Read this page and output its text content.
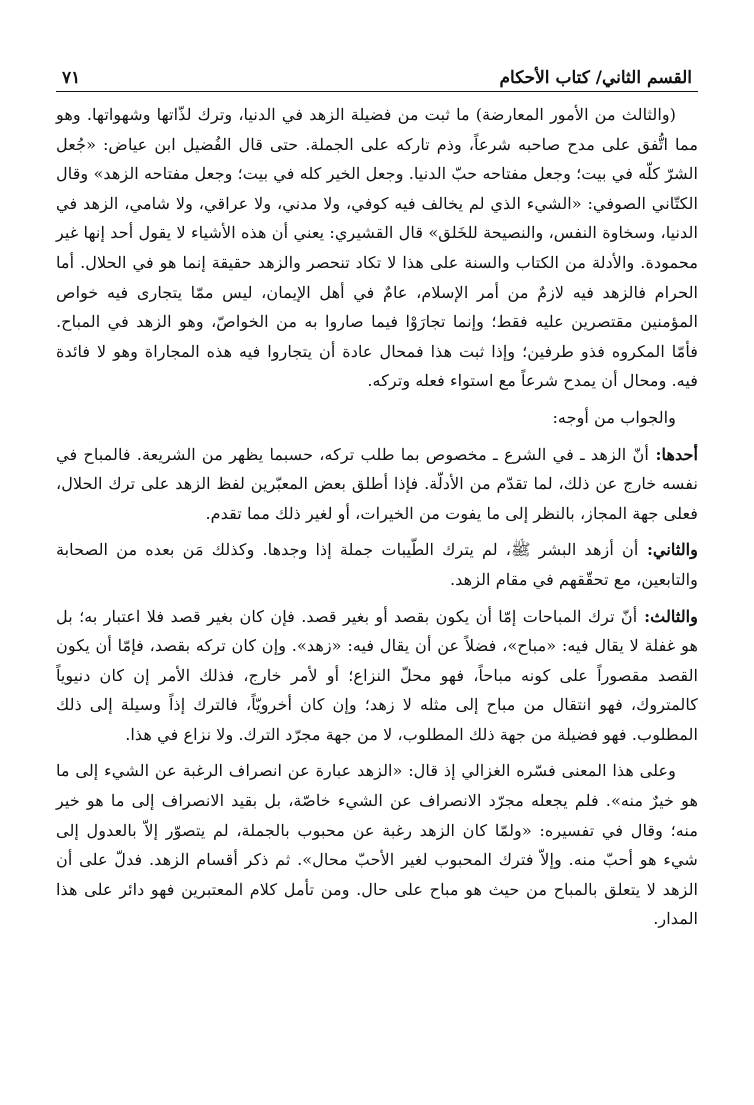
القسم الثاني/ كتاب الأحكام
٧١

(والثالث من الأمور المعارضة) ما ثبت من فضيلة الزهد في الدنيا، وترك لذّاتها وشهواتها. وهو مما اتُّفق على مدح صاحبه شرعاً، وذم تاركه على الجملة. حتى قال الفُضيل ابن عياض: «جُعل الشرّ كلّه في بيت؛ وجعل مفتاحه حبّ الدنيا. وجعل الخير كله في بيت؛ وجعل مفتاحه الزهد» وقال الكتّاني الصوفي: «الشيء الذي لم يخالف فيه كوفي، ولا مدني، ولا عراقي، ولا شامي، الزهد في الدنيا، وسخاوة النفس، والنصيحة للخَلق» قال القشيري: يعني أن هذه الأشياء لا يقول أحد إنها غير محمودة. والأدلة من الكتاب والسنة على هذا لا تكاد تنحصر والزهد حقيقة إنما هو في الحلال. أما الحرام فالزهد فيه لازمٌ من أمر الإسلام، عامٌ في أهل الإيمان، ليس ممّا يتجارى فيه خواص المؤمنين مقتصرين عليه فقط؛ وإنما تجارَوْا فيما صاروا به من الخواصّ، وهو الزهد في المباح. فأمّا المكروه فذو طرفين؛ وإذا ثبت هذا فمحال عادة أن يتجاروا فيه هذه المجاراة وهو لا فائدة فيه. ومحال أن يمدح شرعاً مع استواء فعله وتركه.

والجواب من أوجه:

أحدها: أنّ الزهد ـ في الشرع ـ مخصوص بما طلب تركه، حسبما يظهر من الشريعة. فالمباح في نفسه خارج عن ذلك، لما تقدّم من الأدلّة. فإذا أطلق بعض المعبّرين لفظ الزهد على ترك الحلال، فعلى جهة المجاز، بالنظر إلى ما يفوت من الخيرات، أو لغير ذلك مما تقدم.

والثاني: أن أزهد البشر ﷺ، لم يترك الطّيبات جملة إذا وجدها. وكذلك مَن بعده من الصحابة والتابعين، مع تحقّقهم في مقام الزهد.

والثالث: أنّ ترك المباحات إمّا أن يكون بقصد أو بغير قصد. فإن كان بغير قصد فلا اعتبار به؛ بل هو غفلة لا يقال فيه: «مباح»، فضلاً عن أن يقال فيه: «زهد». وإن كان تركه بقصد، فإمّا أن يكون القصد مقصوراً على كونه مباحاً، فهو محلّ النزاع؛ أو لأمر خارج، فذلك الأمر إن كان دنيوياً كالمتروك، فهو انتقال من مباح إلى مثله لا زهد؛ وإن كان أخرويّاً، فالترك إذاً وسيلة إلى ذلك المطلوب. فهو فضيلة من جهة ذلك المطلوب، لا من جهة مجرّد الترك. ولا نزاع في هذا.

وعلى هذا المعنى فسّره الغزالي إذ قال: «الزهد عبارة عن انصراف الرغبة عن الشيء إلى ما هو خيرٌ منه». فلم يجعله مجرّد الانصراف عن الشيء خاصّة، بل بقيد الانصراف إلى ما هو خير منه؛ وقال في تفسيره: «ولمّا كان الزهد رغبة عن محبوب بالجملة، لم يتصوّر إلاّ بالعدول إلى شيء هو أحبّ منه. وإلاّ فترك المحبوب لغير الأحبّ محال». ثم ذكر أقسام الزهد. فدلّ على أن الزهد لا يتعلق بالمباح من حيث هو مباح على حال. ومن تأمل كلام المعتبرين فهو دائر على هذا المدار.
